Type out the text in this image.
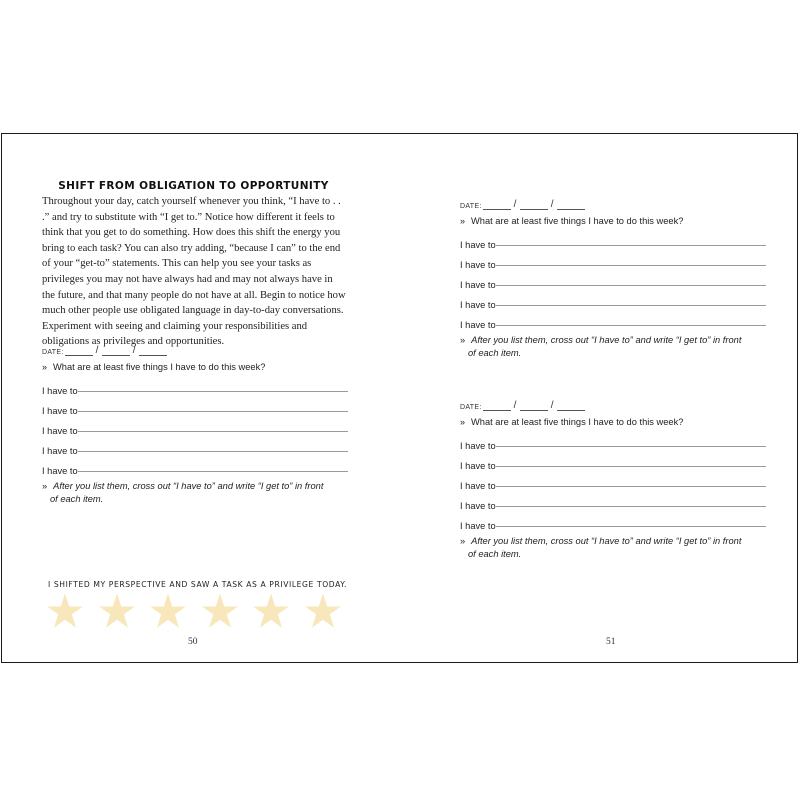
SHIFT FROM OBLIGATION TO OPPORTUNITY

Throughout your day, catch yourself whenever you think, “I have to . . .” and try to substitute with “I get to.” Notice how different it feels to think that you get to do something. How does this shift the energy you bring to each task? You can also try adding, “because I can” to the end of your “get-to” statements. This can help you see your tasks as privileges you may not have always had and may not always have in the future, and that many people do not have at all. Begin to notice how much other people use obligated language in day-to-day conversations. Experiment with seeing and claiming your responsibilities and obligations as privileges and opportunities.

DATE:	/	/
» What are at least five things I have to do this week?
I have to
I have to
I have to
I have to
I have to
» After you list them, cross out “I have to” and write “I get to” in front
of each item.
I SHIFTED MY PERSPECTIVE AND SAW A TASK AS A PRIVILEGE TODAY.
50
DATE:	/	/
» What are at least five things I have to do this week?
I have to
I have to
I have to
I have to
I have to
» After you list them, cross out “I have to” and write “I get to” in front
of each item.
DATE:	/	/
» What are at least five things I have to do this week?
I have to
I have to
I have to
I have to
I have to
» After you list them, cross out “I have to” and write “I get to” in front
of each item.
51
